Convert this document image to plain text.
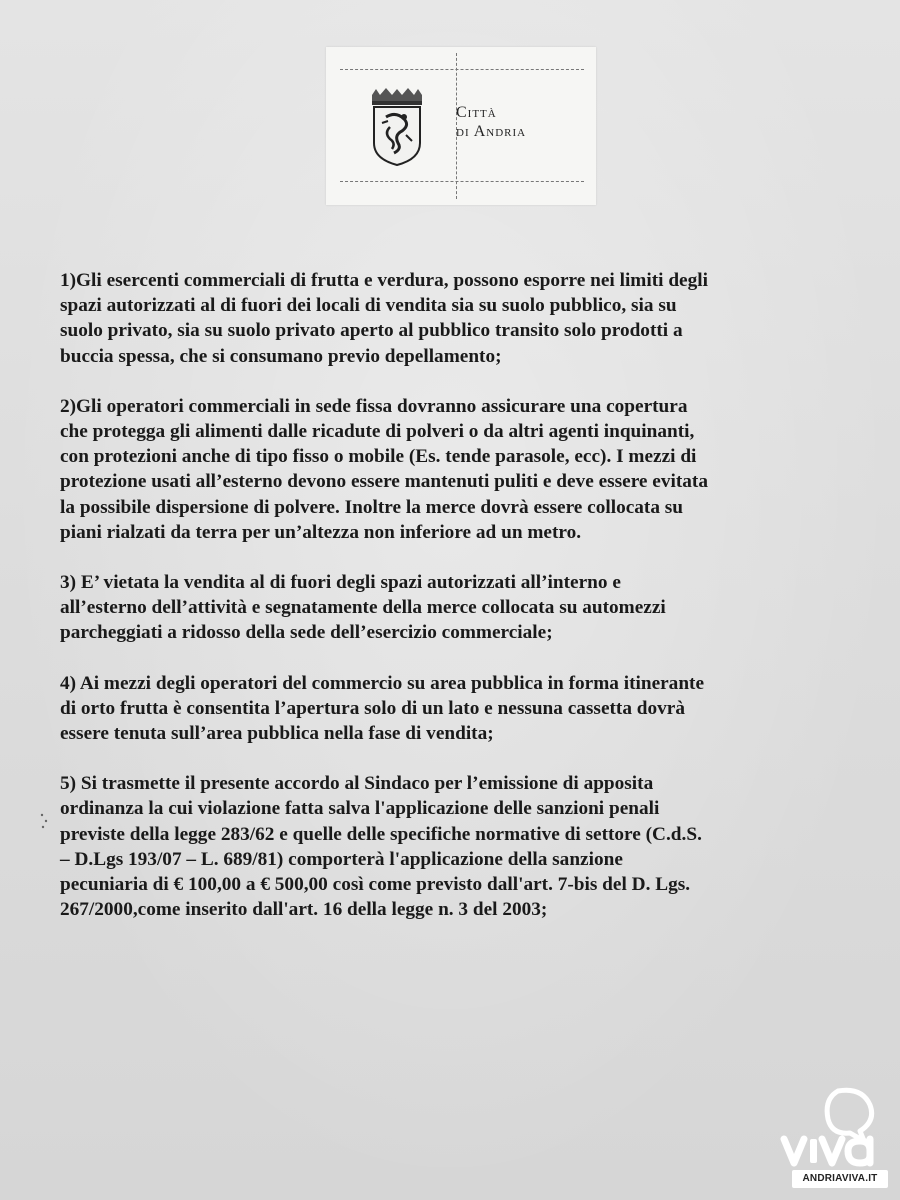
Città
di Andria
1)Gli esercenti commerciali di frutta e verdura, possono esporre nei limiti degli
spazi autorizzati al di fuori dei locali di vendita sia su suolo pubblico, sia su
suolo privato, sia su suolo privato aperto al pubblico transito solo prodotti a
buccia spessa, che si consumano previo depellamento;
2)Gli operatori commerciali in sede fissa dovranno assicurare una copertura
che protegga gli alimenti dalle ricadute di polveri o da altri agenti inquinanti,
con protezioni anche di tipo fisso o mobile (Es. tende parasole, ecc). I mezzi di
protezione usati all’esterno devono essere mantenuti puliti e deve essere evitata
la possibile dispersione di polvere. Inoltre la merce dovrà essere collocata su
piani rialzati da terra per un’altezza non inferiore ad un metro.
3) E’ vietata la vendita al di fuori degli spazi autorizzati all’interno e
all’esterno dell’attività e segnatamente della merce collocata su automezzi
parcheggiati a ridosso della sede dell’esercizio commerciale;
4) Ai mezzi degli operatori del commercio su area pubblica in forma itinerante
di orto frutta è consentita l’apertura solo di un lato e nessuna cassetta dovrà
essere tenuta sull’area pubblica nella fase di vendita;
5) Si trasmette il presente accordo al Sindaco per l’emissione di apposita
ordinanza la cui violazione fatta salva l'applicazione delle sanzioni penali
previste della legge 283/62 e quelle delle specifiche normative di settore (C.d.S.
– D.Lgs 193/07 – L. 689/81) comporterà l'applicazione della sanzione
pecuniaria di € 100,00 a € 500,00 così come previsto dall'art. 7-bis del D. Lgs.
267/2000,come inserito dall'art. 16 della legge n. 3 del 2003;
ANDRIAVIVA.IT
